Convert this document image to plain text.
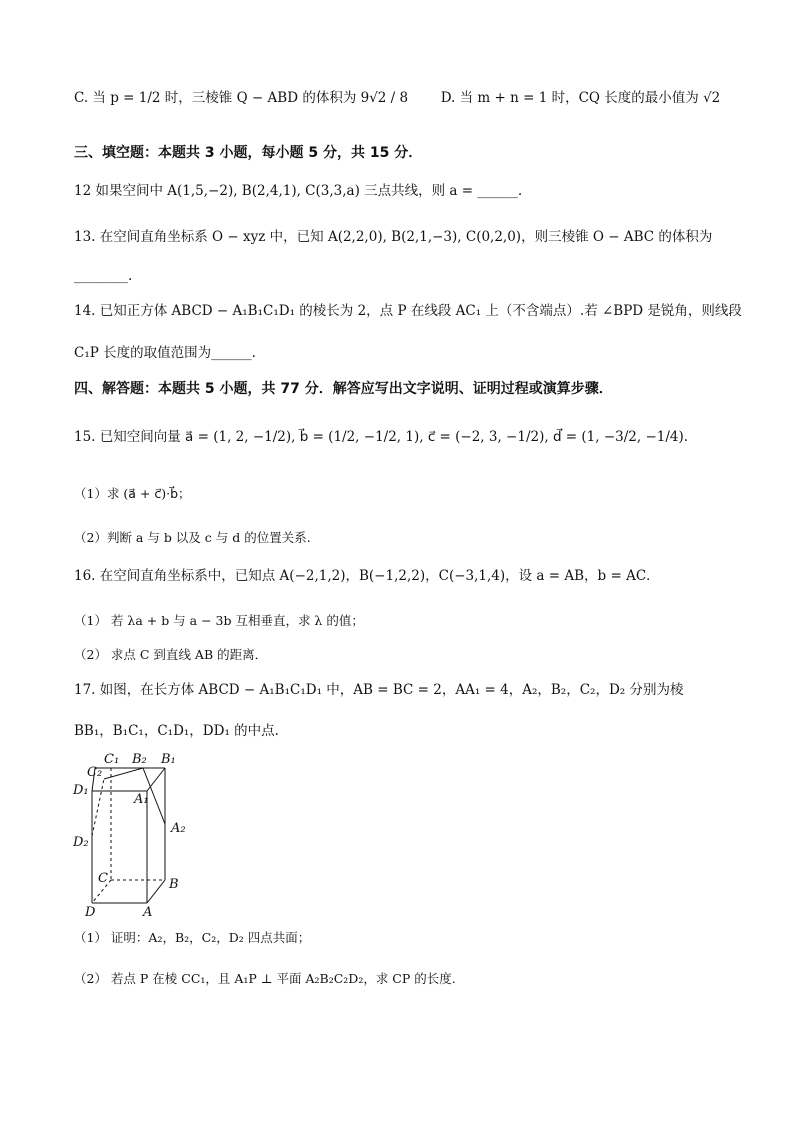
C. 当 p = 1/2 时，三棱锥 Q − ABD 的体积为 9√2 / 8 D. 当 m + n = 1 时，CQ 长度的最小值为 √2
三、填空题：本题共 3 小题，每小题 5 分，共 15 分．
12 如果空间中 A(1,5,−2), B(2,4,1), C(3,3,a) 三点共线，则 a = ______.
13. 在空间直角坐标系 O − xyz 中，已知 A(2,2,0), B(2,1,−3), C(0,2,0)，则三棱锥 O − ABC 的体积为
________.
14. 已知正方体 ABCD − A₁B₁C₁D₁ 的棱长为 2，点 P 在线段 AC₁ 上（不含端点）.若 ∠BPD 是锐角，则线段
C₁P 长度的取值范围为______.
四、解答题：本题共 5 小题，共 77 分．解答应写出文字说明、证明过程或演算步骤．
15. 已知空间向量 a⃗ = (1, 2, −1/2), b⃗ = (1/2, −1/2, 1), c⃗ = (−2, 3, −1/2), d⃗ = (1, −3/2, −1/4).
（1）求 (a⃗ + c⃗)·b⃗；
（2）判断 a 与 b 以及 c 与 d 的位置关系.
16. 在空间直角坐标系中，已知点 A(−2,1,2)，B(−1,2,2)，C(−3,1,4)，设 a = AB，b = AC．
（1） 若 λa + b 与 a − 3b 互相垂直，求 λ 的值；
（2） 求点 C 到直线 AB 的距离．
17. 如图，在长方体 ABCD − A₁B₁C₁D₁ 中，AB = BC = 2，AA₁ = 4，A₂，B₂，C₂，D₂ 分别为棱
BB₁，B₁C₁，C₁D₁，DD₁ 的中点.
C₁ B₂ B₁
C₂
D₁
A₁
A₂
D₂
C	B
D	A
（1） 证明：A₂，B₂，C₂，D₂ 四点共面；
（2） 若点 P 在棱 CC₁，且 A₁P ⊥ 平面 A₂B₂C₂D₂，求 CP 的长度.
